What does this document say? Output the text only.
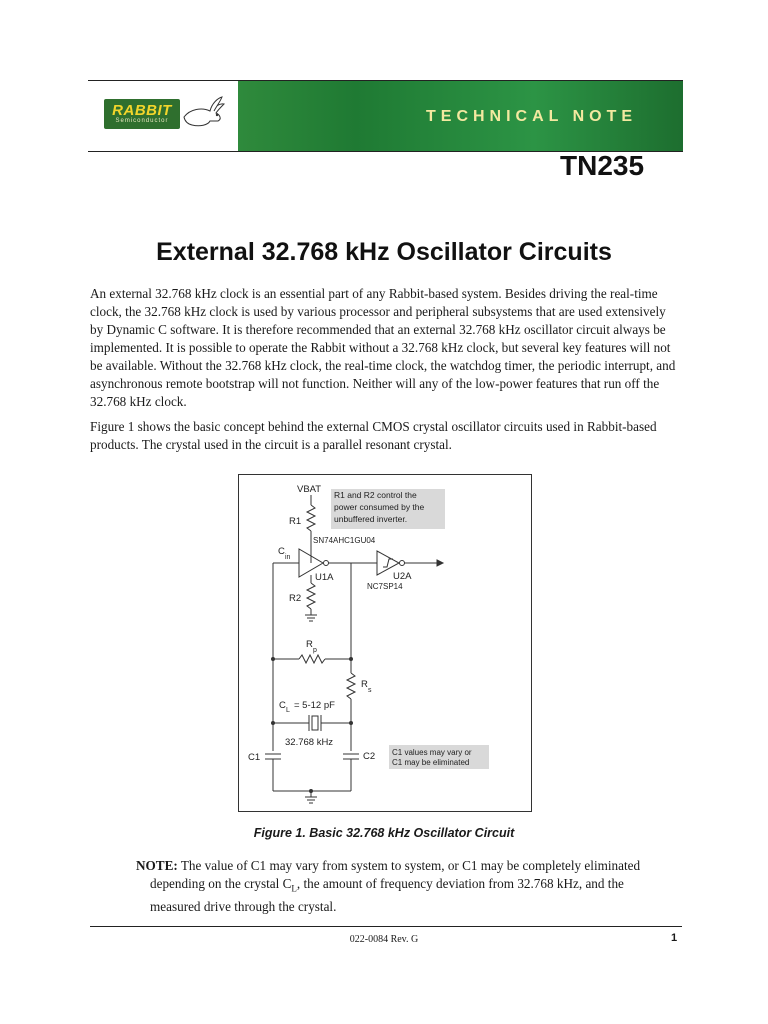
RABBIT
Semiconductor	TECHNICAL NOTE
TN235
External 32.768 kHz Oscillator Circuits
An external 32.768 kHz clock is an essential part of any Rabbit-based system. Besides driving the real-time clock, the 32.768 kHz clock is used by various processor and peripheral subsystems that are used extensively by Dynamic C software. It is therefore recommended that an external 32.768 kHz oscillator circuit always be implemented. It is possible to operate the Rabbit without a 32.768 kHz clock, but several key features will not be available. Without the 32.768 kHz clock, the real-time clock, the watchdog timer, the periodic interrupt, and asynchronous remote bootstrap will not function. Neither will any of the low-power features that run off the 32.768 kHz clock.
Figure 1 shows the basic concept behind the external CMOS crystal oscillator circuits used in Rabbit-based products. The crystal used in the circuit is a parallel resonant crystal.
VBAT
R1
R1 and R2 control the
power consumed by the
unbuffered inverter.
SN74AHC1GU04
C
in
U1A	U2A
NC7SP14
R2
R
p
R
s
C L = 5-12 pF
32.768 kHz
C1	C2 C1 values may vary or
C1 may be eliminated
Figure 1. Basic 32.768 kHz Oscillator Circuit
NOTE: The value of C1 may vary from system to system, or C1 may be completely eliminated
depending on the crystal $C_L$, the amount of frequency deviation from 32.768 kHz, and the
measured drive through the crystal.
022-0084 Rev. G	1
